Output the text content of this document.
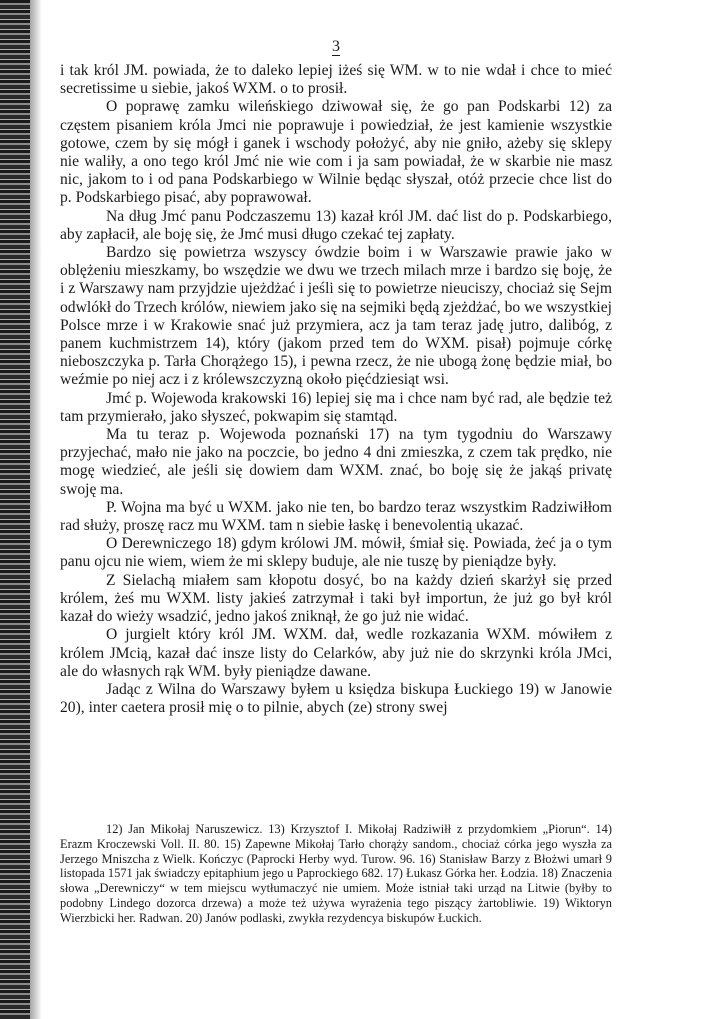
3

i tak król JM. powiada, że to daleko lepiej iżeś się WM. w to nie wdał i chce to mieć secretissime u siebie, jakoś WXM. o to prosił.

O poprawę zamku wileńskiego dziwował się, że go pan Podskarbi 12) za częstem pisaniem króla Jmci nie poprawuje i powiedział, że jest kamienie wszystkie gotowe, czem by się mógł i ganek i wschody położyć, aby nie gniło, ażeby się sklepy nie waliły, a ono tego król Jmć nie wie com i ja sam powiadał, że w skarbie nie masz nic, jakom to i od pana Podskarbiego w Wilnie będąc słyszał, otóż przecie chce list do p. Podskarbiego pisać, aby poprawował.

Na dług Jmć panu Podczaszemu 13) kazał król JM. dać list do p. Podskarbiego, aby zapłacił, ale boję się, że Jmć musi długo czekać tej zapłaty.

Bardzo się powietrza wszyscy ówdzie boim i w Warszawie prawie jako w oblężeniu mieszkamy, bo wszędzie we dwu we trzech milach mrze i bardzo się boję, że i z Warszawy nam przyjdzie ujeżdżać i jeśli się to powietrze nieuciszy, chociaż się Sejm odwlókł do Trzech królów, niewiem jako się na sejmiki będą zjeżdżać, bo we wszystkiej Polsce mrze i w Krakowie snać już przymiera, acz ja tam teraz jadę jutro, dalibóg, z panem kuchmistrzem 14), który (jakom przed tem do WXM. pisał) pojmuje córkę nieboszczyka p. Tarła Chorążego 15), i pewna rzecz, że nie ubogą żonę będzie miał, bo weźmie po niej acz i z królewszczyzną około pięćdziesiąt wsi.

Jmć p. Wojewoda krakowski 16) lepiej się ma i chce nam być rad, ale będzie też tam przymierało, jako słyszeć, pokwapim się stamtąd.

Ma tu teraz p. Wojewoda poznański 17) na tym tygodniu do Warszawy przyjechać, mało nie jako na poczcie, bo jedno 4 dni zmieszka, z czem tak prędko, nie mogę wiedzieć, ale jeśli się dowiem dam WXM. znać, bo boję się że jakąś privatę swoję ma.

P. Wojna ma być u WXM. jako nie ten, bo bardzo teraz wszystkim Radziwiłłom rad służy, proszę racz mu WXM. tam n siebie łaskę i benevolentią ukazać.

O Derewniczego 18) gdym królowi JM. mówił, śmiał się. Powiada, żeć ja o tym panu ojcu nie wiem, wiem że mi sklepy buduje, ale nie tuszę by pieniądze były.

Z Sielachą miałem sam kłopotu dosyć, bo na każdy dzień skarżył się przed królem, żeś mu WXM. listy jakieś zatrzymał i taki był importun, że już go był król kazał do wieży wsadzić, jedno jakoś zniknął, że go już nie widać.

O jurgielt który król JM. WXM. dał, wedle rozkazania WXM. mówiłem z królem JMcią, kazał dać insze listy do Celarków, aby już nie do skrzynki króla JMci, ale do własnych rąk WM. były pieniądze dawane.

Jadąc z Wilna do Warszawy byłem u księdza biskupa Łuckiego 19) w Janowie 20), inter caetera prosił mię o to pilnie, abych (ze) strony swej

12) Jan Mikołaj Naruszewicz. 13) Krzysztof I. Mikołaj Radziwiłł z przydomkiem „Piorun“. 14) Erazm Kroczewski Voll. II. 80. 15) Zapewne Mikołaj Tarło chorąży sandom., chociaż córka jego wyszła za Jerzego Mniszcha z Wielk. Kończyc (Paprocki Herby wyd. Turow. 96. 16) Stanisław Barzy z Błożwi umarł 9 listopada 1571 jak świadczy epitaphium jego u Paprockiego 682. 17) Łukasz Górka her. Łodzia. 18) Znaczenia słowa „Derewniczy“ w tem miejscu wytłumaczyć nie umiem. Może istniał taki urząd na Litwie (byłby to podobny Lindego dozorca drzewa) a może też używa wyrażenia tego piszący żartobliwie. 19) Wiktoryn Wierzbicki her. Radwan. 20) Janów podlaski, zwykła rezydencya biskupów Łuckich.
